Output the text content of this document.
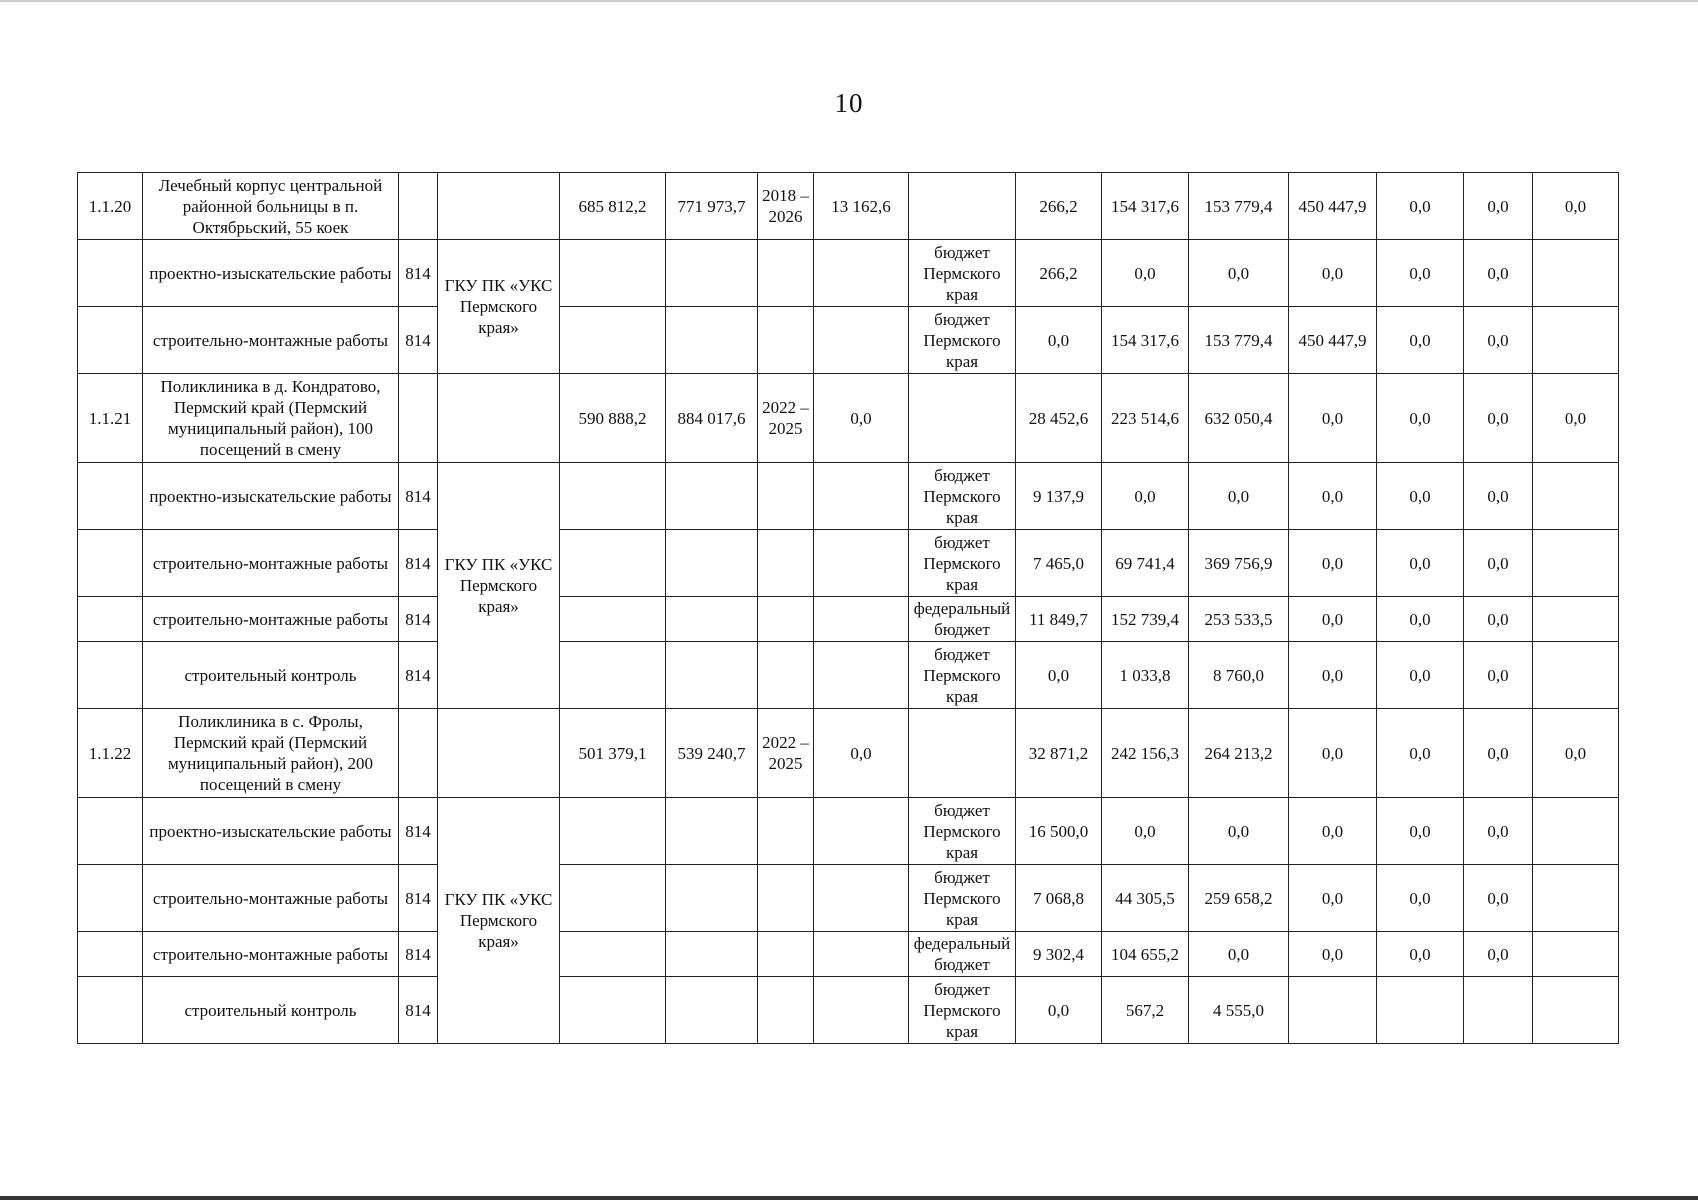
10
1.1.20	Лечебный корпус центральной районной больницы в п. Октябрьский, 55 коек			685 812,2	771 973,7	2018 – 2026	13 162,6		266,2	154 317,6	153 779,4	450 447,9	0,0	0,0	0,0
	проектно-изыскательские работы	814	ГКУ ПК «УКС Пермского края»					бюджет Пермского края	266,2	0,0	0,0	0,0	0,0	0,0	
	строительно-монтажные работы	814						бюджет Пермского края	0,0	154 317,6	153 779,4	450 447,9	0,0	0,0	
1.1.21	Поликлиника в д. Кондратово, Пермский край (Пермский муниципальный район), 100 посещений в смену			590 888,2	884 017,6	2022 – 2025	0,0		28 452,6	223 514,6	632 050,4	0,0	0,0	0,0	0,0
	проектно-изыскательские работы	814	ГКУ ПК «УКС Пермского края»					бюджет Пермского края	9 137,9	0,0	0,0	0,0	0,0	0,0	
	строительно-монтажные работы	814						бюджет Пермского края	7 465,0	69 741,4	369 756,9	0,0	0,0	0,0	
	строительно-монтажные работы	814						федеральный бюджет	11 849,7	152 739,4	253 533,5	0,0	0,0	0,0	
	строительный контроль	814						бюджет Пермского края	0,0	1 033,8	8 760,0	0,0	0,0	0,0	
1.1.22	Поликлиника в с. Фролы, Пермский край (Пермский муниципальный район), 200 посещений в смену			501 379,1	539 240,7	2022 – 2025	0,0		32 871,2	242 156,3	264 213,2	0,0	0,0	0,0	0,0
	проектно-изыскательские работы	814	ГКУ ПК «УКС Пермского края»					бюджет Пермского края	16 500,0	0,0	0,0	0,0	0,0	0,0	
	строительно-монтажные работы	814						бюджет Пермского края	7 068,8	44 305,5	259 658,2	0,0	0,0	0,0	
	строительно-монтажные работы	814						федеральный бюджет	9 302,4	104 655,2	0,0	0,0	0,0	0,0	
	строительный контроль	814						бюджет Пермского края	0,0	567,2	4 555,0				
